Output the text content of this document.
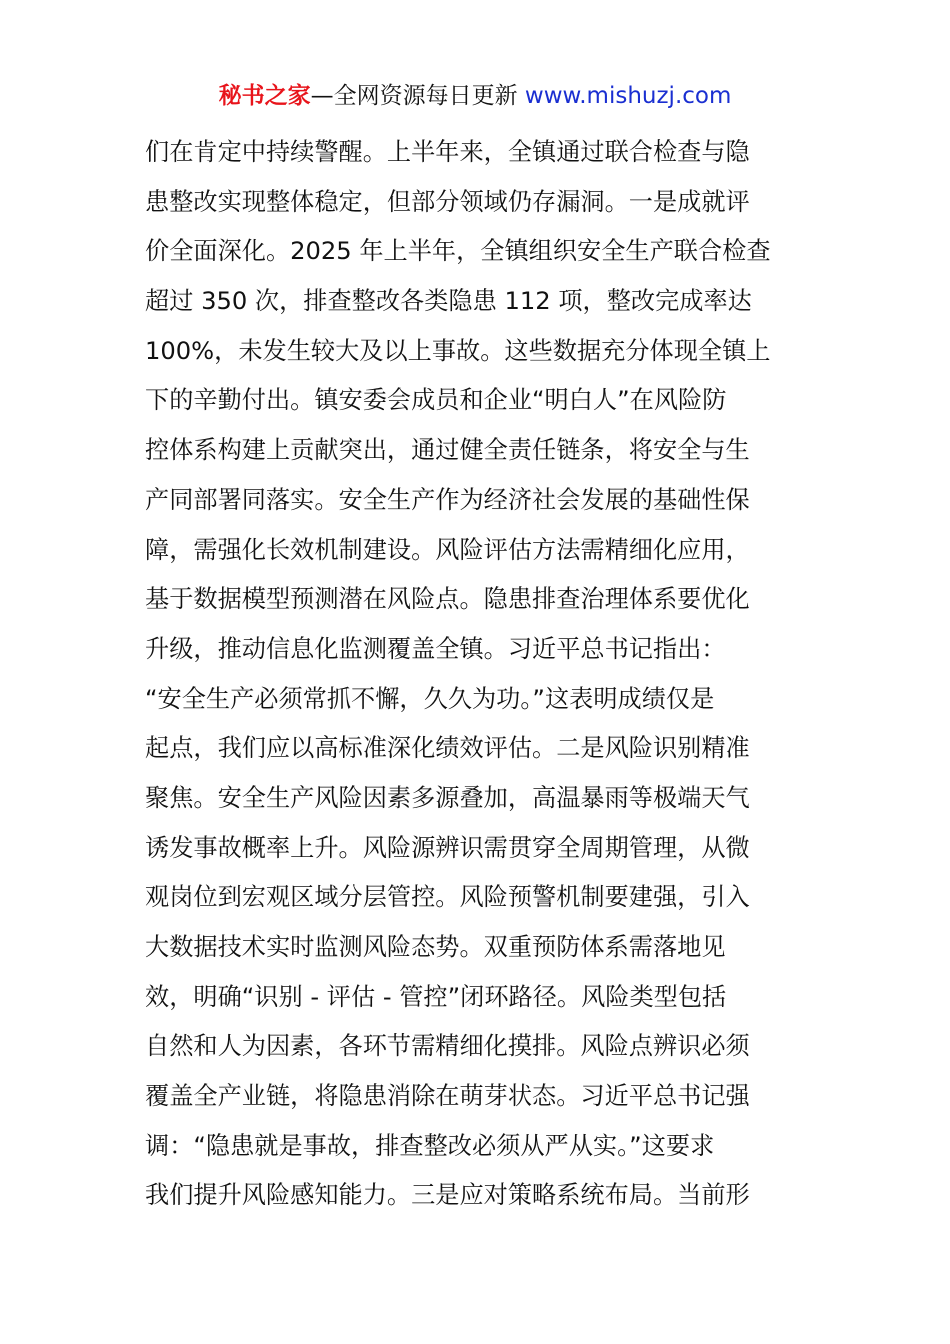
秘书之家—全网资源每日更新 www.mishuzj.com
们在肯定中持续警醒。上半年来，全镇通过联合检查与隐
患整改实现整体稳定，但部分领域仍存漏洞。一是成就评
价全面深化。2025 年上半年，全镇组织安全生产联合检查
超过 350 次，排查整改各类隐患 112 项，整改完成率达
100%，未发生较大及以上事故。这些数据充分体现全镇上
下的辛勤付出。镇安委会成员和企业“明白人”在风险防
控体系构建上贡献突出，通过健全责任链条，将安全与生
产同部署同落实。安全生产作为经济社会发展的基础性保
障，需强化长效机制建设。风险评估方法需精细化应用，
基于数据模型预测潜在风险点。隐患排查治理体系要优化
升级，推动信息化监测覆盖全镇。习近平总书记指出：
“安全生产必须常抓不懈，久久为功。”这表明成绩仅是
起点，我们应以高标准深化绩效评估。二是风险识别精准
聚焦。安全生产风险因素多源叠加，高温暴雨等极端天气
诱发事故概率上升。风险源辨识需贯穿全周期管理，从微
观岗位到宏观区域分层管控。风险预警机制要建强，引入
大数据技术实时监测风险态势。双重预防体系需落地见
效，明确“识别 - 评估 - 管控”闭环路径。风险类型包括
自然和人为因素，各环节需精细化摸排。风险点辨识必须
覆盖全产业链，将隐患消除在萌芽状态。习近平总书记强
调：“隐患就是事故，排查整改必须从严从实。”这要求
我们提升风险感知能力。三是应对策略系统布局。当前形
